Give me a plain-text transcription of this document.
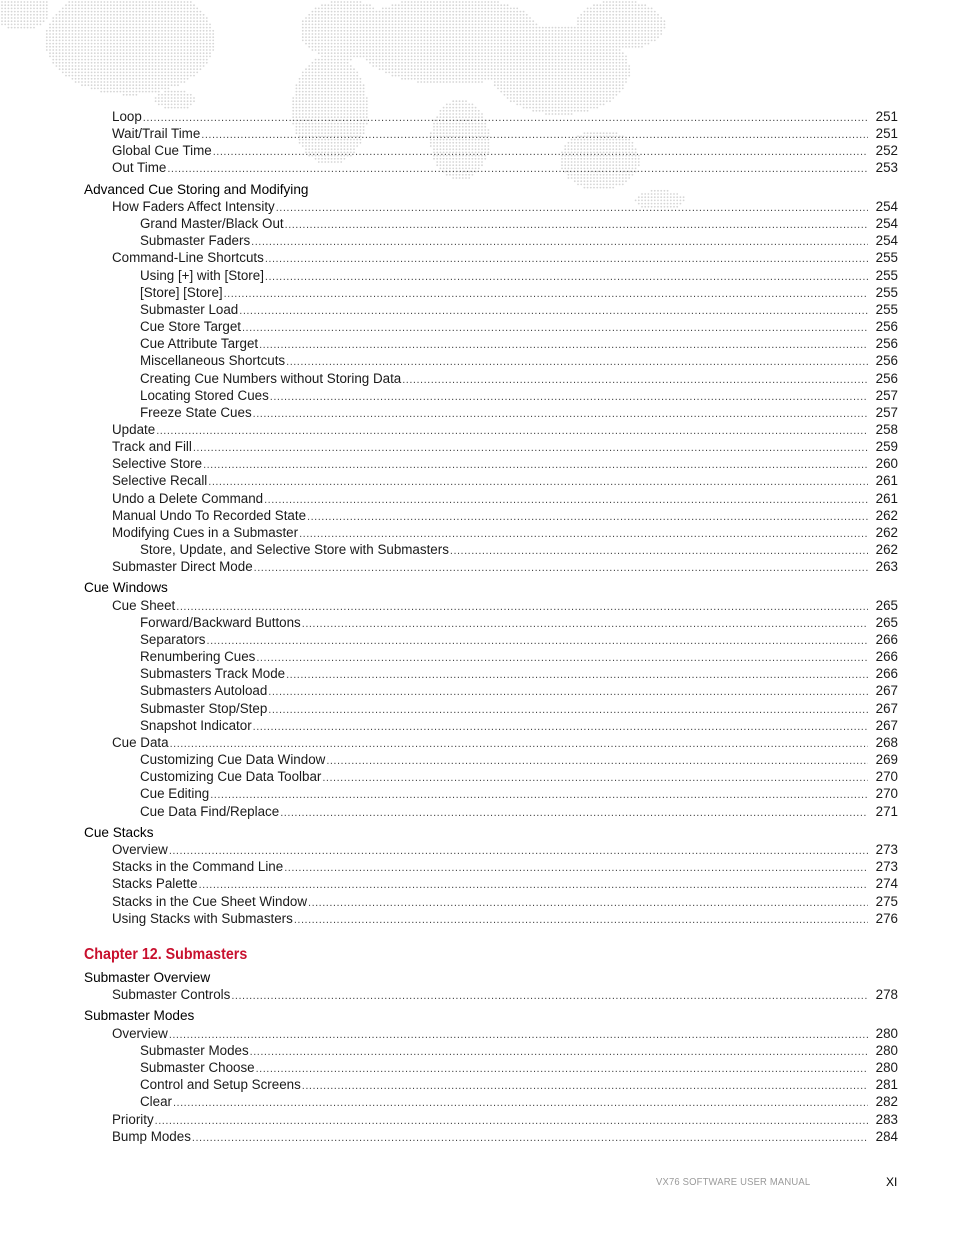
Loop .....	251
Wait/Trail Time .....	251
Global Cue Time .....	252
Out Time .....	253
Advanced Cue Storing and Modifying
How Faders Affect Intensity .....	254
Grand Master/Black Out .....	254
Submaster Faders .....	254
Command-Line Shortcuts .....	255
Using [+] with [Store] .....	255
[Store] [Store] .....	255
Submaster Load .....	255
Cue Store Target .....	256
Cue Attribute Target .....	256
Miscellaneous Shortcuts .....	256
Creating Cue Numbers without Storing Data .....	256
Locating Stored Cues .....	257
Freeze State Cues .....	257
Update .....	258
Track and Fill .....	259
Selective Store .....	260
Selective Recall .....	261
Undo a Delete Command .....	261
Manual Undo To Recorded State .....	262
Modifying Cues in a Submaster .....	262
Store, Update, and Selective Store with Submasters .....	262
Submaster Direct Mode .....	263
Cue Windows
Cue Sheet .....	265
Forward/Backward Buttons .....	265
Separators .....	266
Renumbering Cues .....	266
Submasters Track Mode .....	266
Submasters Autoload .....	267
Submaster Stop/Step .....	267
Snapshot Indicator .....	267
Cue Data .....	268
Customizing Cue Data Window .....	269
Customizing Cue Data Toolbar .....	270
Cue Editing .....	270
Cue Data Find/Replace .....	271
Cue Stacks
Overview .....	273
Stacks in the Command Line .....	273
Stacks Palette .....	274
Stacks in the Cue Sheet Window .....	275
Using Stacks with Submasters .....	276
Chapter 12. Submasters
Submaster Overview
Submaster Controls .....	278
Submaster Modes
Overview .....	280
Submaster Modes .....	280
Submaster Choose .....	280
Control and Setup Screens .....	281
Clear .....	282
Priority .....	283
Bump Modes .....	284
VX76 SOFTWARE USER MANUAL	XI
